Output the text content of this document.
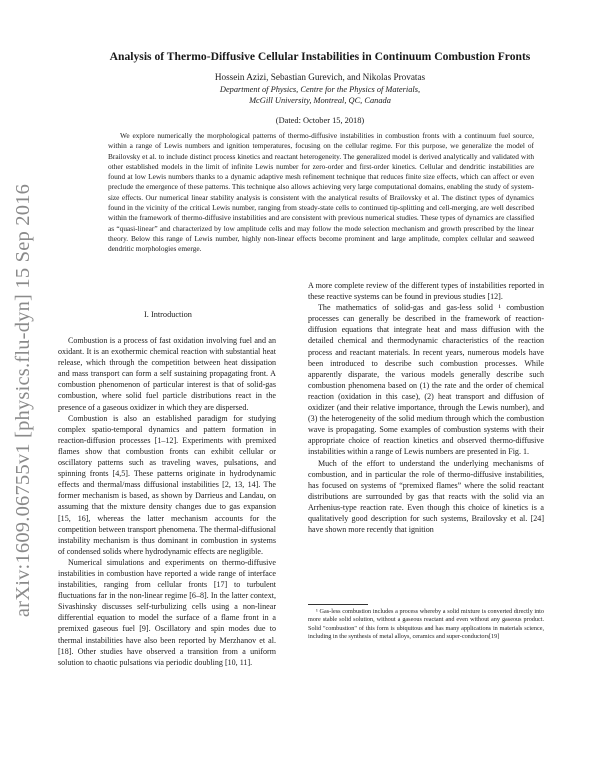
arXiv:1609.06755v1 [physics.flu-dyn] 15 Sep 2016
Analysis of Thermo-Diffusive Cellular Instabilities in Continuum Combustion Fronts
Hossein Azizi, Sebastian Gurevich, and Nikolas Provatas
Department of Physics, Centre for the Physics of Materials,
McGill University, Montreal, QC, Canada
(Dated: October 15, 2018)

We explore numerically the morphological patterns of thermo-diffusive instabilities in combustion fronts with a continuum fuel source, within a range of Lewis numbers and ignition temperatures, focusing on the cellular regime. For this purpose, we generalize the model of Brailovsky et al. to include distinct process kinetics and reactant heterogeneity. The generalized model is derived analytically and validated with other established models in the limit of infinite Lewis number for zero-order and first-order kinetics. Cellular and dendritic instabilities are found at low Lewis numbers thanks to a dynamic adaptive mesh refinement technique that reduces finite size effects, which can affect or even preclude the emergence of these patterns. This technique also allows achieving very large computational domains, enabling the study of system-size effects. Our numerical linear stability analysis is consistent with the analytical results of Brailovsky et al. The distinct types of dynamics found in the vicinity of the critical Lewis number, ranging from steady-state cells to continued tip-splitting and cell-merging, are well described within the framework of thermo-diffusive instabilities and are consistent with previous numerical studies. These types of dynamics are classified as “quasi-linear” and characterized by low amplitude cells and may follow the mode selection mechanism and growth prescribed by the linear theory. Below this range of Lewis number, highly non-linear effects become prominent and large amplitude, complex cellular and seaweed dendritic morphologies emerge.

I. Introduction

Combustion is a process of fast oxidation involving fuel and an oxidant. It is an exothermic chemical reaction with substantial heat release, which through the competition between heat dissipation and mass transport can form a self sustaining propagating front. A combustion phenomenon of particular interest is that of solid-gas combustion, where solid fuel particle distributions react in the presence of a gaseous oxidizer in which they are dispersed.

Combustion is also an established paradigm for studying complex spatio-temporal dynamics and pattern formation in reaction-diffusion processes [1–12]. Experiments with premixed flames show that combustion fronts can exhibit cellular or oscillatory patterns such as traveling waves, pulsations, and spinning fronts [4,5]. These patterns originate in hydrodynamic effects and thermal/mass diffusional instabilities [2, 13, 14]. The former mechanism is based, as shown by Darrieus and Landau, on assuming that the mixture density changes due to gas expansion [15, 16], whereas the latter mechanism accounts for the competition between transport phenomena. The thermal-diffusional instability mechanism is thus dominant in combustion in systems of condensed solids where hydrodynamic effects are negligible.

Numerical simulations and experiments on thermo-diffusive instabilities in combustion have reported a wide range of interface instabilities, ranging from cellular fronts [17] to turbulent fluctuations far in the non-linear regime [6–8]. In the latter context, Sivashinsky discusses self-turbulizing cells using a non-linear differential equation to model the surface of a flame front in a premixed gaseous fuel [9]. Oscillatory and spin modes due to thermal instabilities have also been reported by Merzhanov et al. [18]. Other studies have observed a transition from a uniform solution to chaotic pulsations via periodic doubling [10, 11].

A more complete review of the different types of instabilities reported in these reactive systems can be found in previous studies [12].

The mathematics of solid-gas and gas-less solid ¹ combustion processes can generally be described in the framework of reaction-diffusion equations that integrate heat and mass diffusion with the detailed chemical and thermodynamic characteristics of the reaction process and reactant materials. In recent years, numerous models have been introduced to describe such combustion processes. While apparently disparate, the various models generally describe such combustion phenomena based on (1) the rate and the order of chemical reaction (oxidation in this case), (2) heat transport and diffusion of oxidizer (and their relative importance, through the Lewis number), and (3) the heterogeneity of the solid medium through which the combustion wave is propagating. Some examples of combustion systems with their appropriate choice of reaction kinetics and observed thermo-diffusive instabilities within a range of Lewis numbers are presented in Fig. 1.

Much of the effort to understand the underlying mechanisms of combustion, and in particular the role of thermo-diffusive instabilities, has focused on systems of “premixed flames” where the solid reactant distributions are surrounded by gas that reacts with the solid via an Arrhenius-type reaction rate. Even though this choice of kinetics is a qualitatively good description for such systems, Brailovsky et al. [24] have shown more recently that ignition

¹ Gas-less combustion includes a process whereby a solid mixture is converted directly into more stable solid solution, without a gaseous reactant and even without any gaseous product. Solid "combustion" of this form is ubiquitous and has many applications in materials science, including in the synthesis of metal alloys, ceramics and super-conductors[19]
